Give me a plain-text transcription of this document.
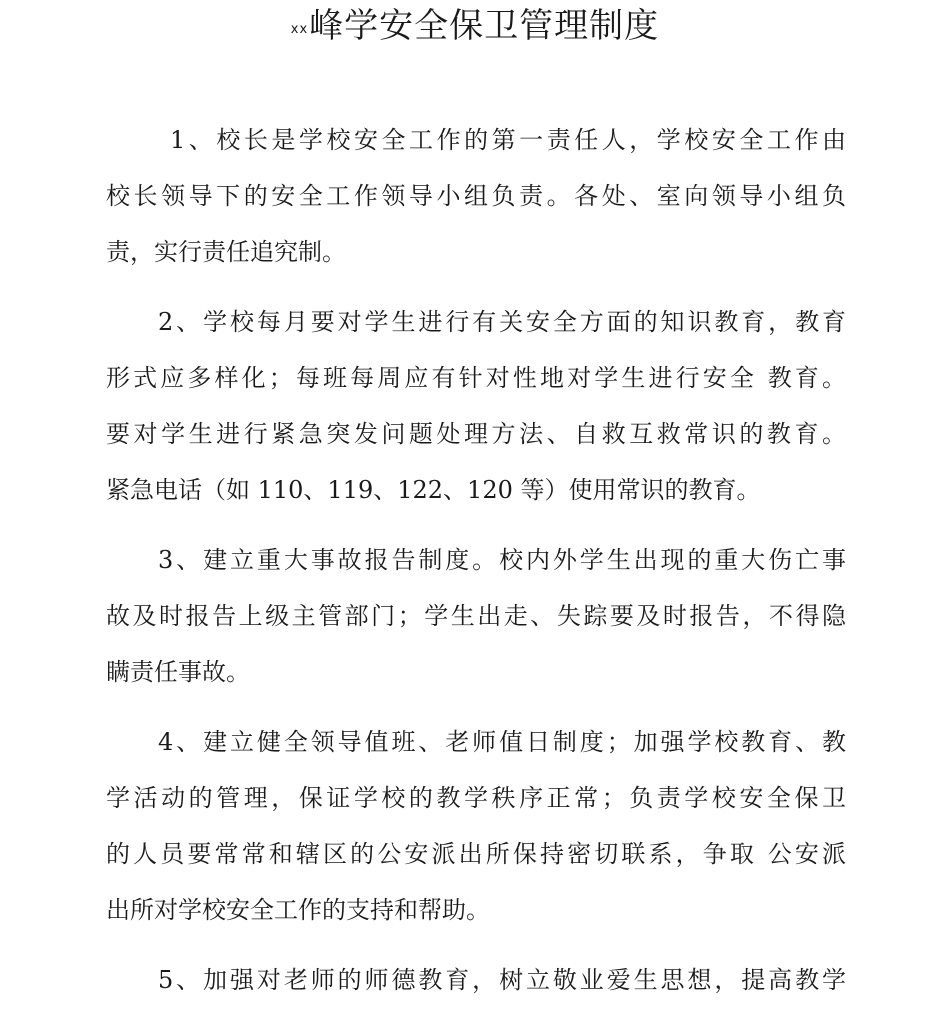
$^{xx}$峰学安全保卫管理制度
1、校长是学校安全工作的第一责任人，学校安全工作由
校长领导下的安全工作领导小组负责。各处、室向领导小组负
责，实行责任追究制。
2、学校每月要对学生进行有关安全方面的知识教育，教育
形式应多样化；每班每周应有针对性地对学生进行安全 教育。
要对学生进行紧急突发问题处理方法、自救互救常识的教育。
紧急电话（如 110、119、122、120 等）使用常识的教育。
3、建立重大事故报告制度。校内外学生出现的重大伤亡事
故及时报告上级主管部门；学生出走、失踪要及时报告，不得隐
瞒责任事故。
4、建立健全领导值班、老师值日制度；加强学校教育、教
学活动的管理，保证学校的教学秩序正常；负责学校安全保卫
的人员要常常和辖区的公安派出所保持密切联系，争取 公安派
出所对学校安全工作的支持和帮助。
5、加强对老师的师德教育，树立敬业爱生思想，提高教学
